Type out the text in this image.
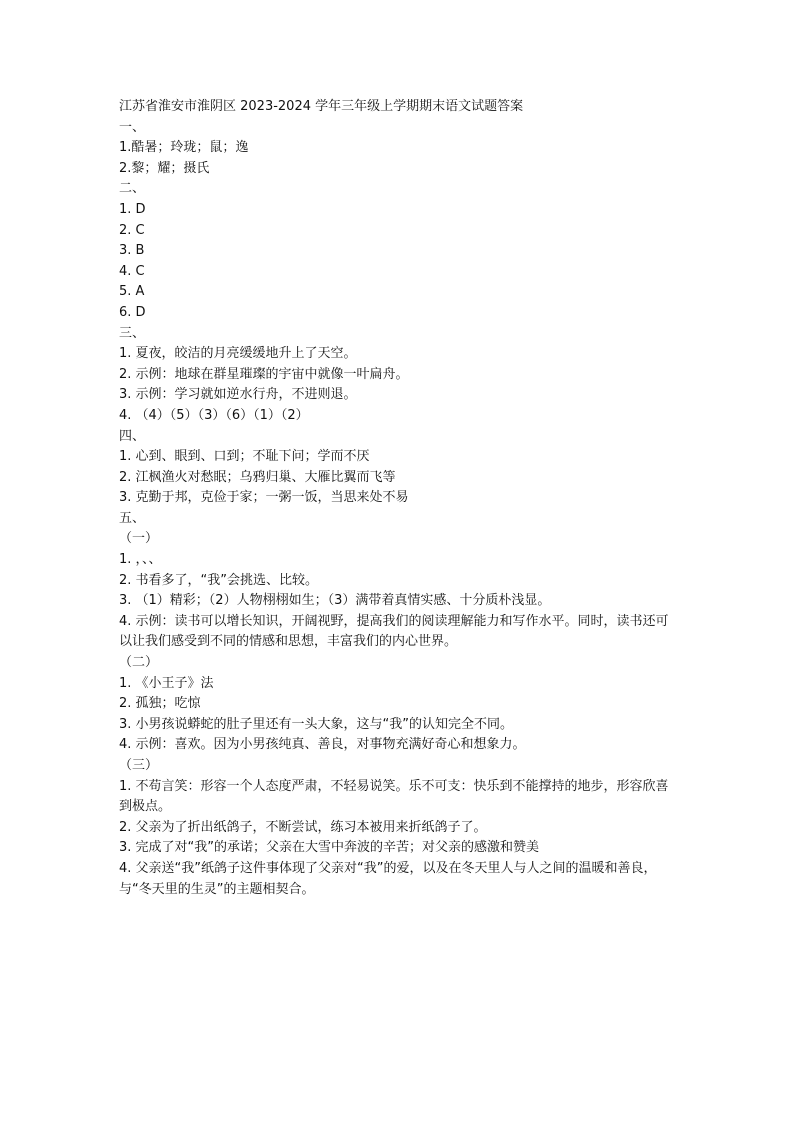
江苏省淮安市淮阴区 2023-2024 学年三年级上学期期末语文试题答案

一、

1.酷暑；玲珑；鼠；逸

2.黎；耀；摄氏

二、

1. D

2. C

3. B

4. C

5. A

6. D

三、

1. 夏夜，皎洁的月亮缓缓地升上了天空。

2. 示例：地球在群星璀璨的宇宙中就像一叶扁舟。

3. 示例：学习就如逆水行舟，不进则退。

4. （4）（5）（3）（6）（1）（2）

四、

1. 心到、眼到、口到；不耻下问；学而不厌

2. 江枫渔火对愁眠；乌鸦归巢、大雁比翼而飞等

3. 克勤于邦，克俭于家；一粥一饭，当思来处不易

五、

（一）

1. ，、、

2. 书看多了，“我”会挑选、比较。

3. （1）精彩；（2）人物栩栩如生；（3）满带着真情实感、十分质朴浅显。

4. 示例：读书可以增长知识，开阔视野，提高我们的阅读理解能力和写作水平。同时，读书还可以让我们感受到不同的情感和思想，丰富我们的内心世界。

（二）

1. 《小王子》法

2. 孤独；吃惊

3. 小男孩说蟒蛇的肚子里还有一头大象，这与“我”的认知完全不同。

4. 示例：喜欢。因为小男孩纯真、善良，对事物充满好奇心和想象力。

（三）

1. 不苟言笑：形容一个人态度严肃，不轻易说笑。乐不可支：快乐到不能撑持的地步，形容欣喜到极点。

2. 父亲为了折出纸鸽子，不断尝试，练习本被用来折纸鸽子了。

3. 完成了对“我”的承诺；父亲在大雪中奔波的辛苦；对父亲的感激和赞美

4. 父亲送“我”纸鸽子这件事体现了父亲对“我”的爱，以及在冬天里人与人之间的温暖和善良，与“冬天里的生灵”的主题相契合。
